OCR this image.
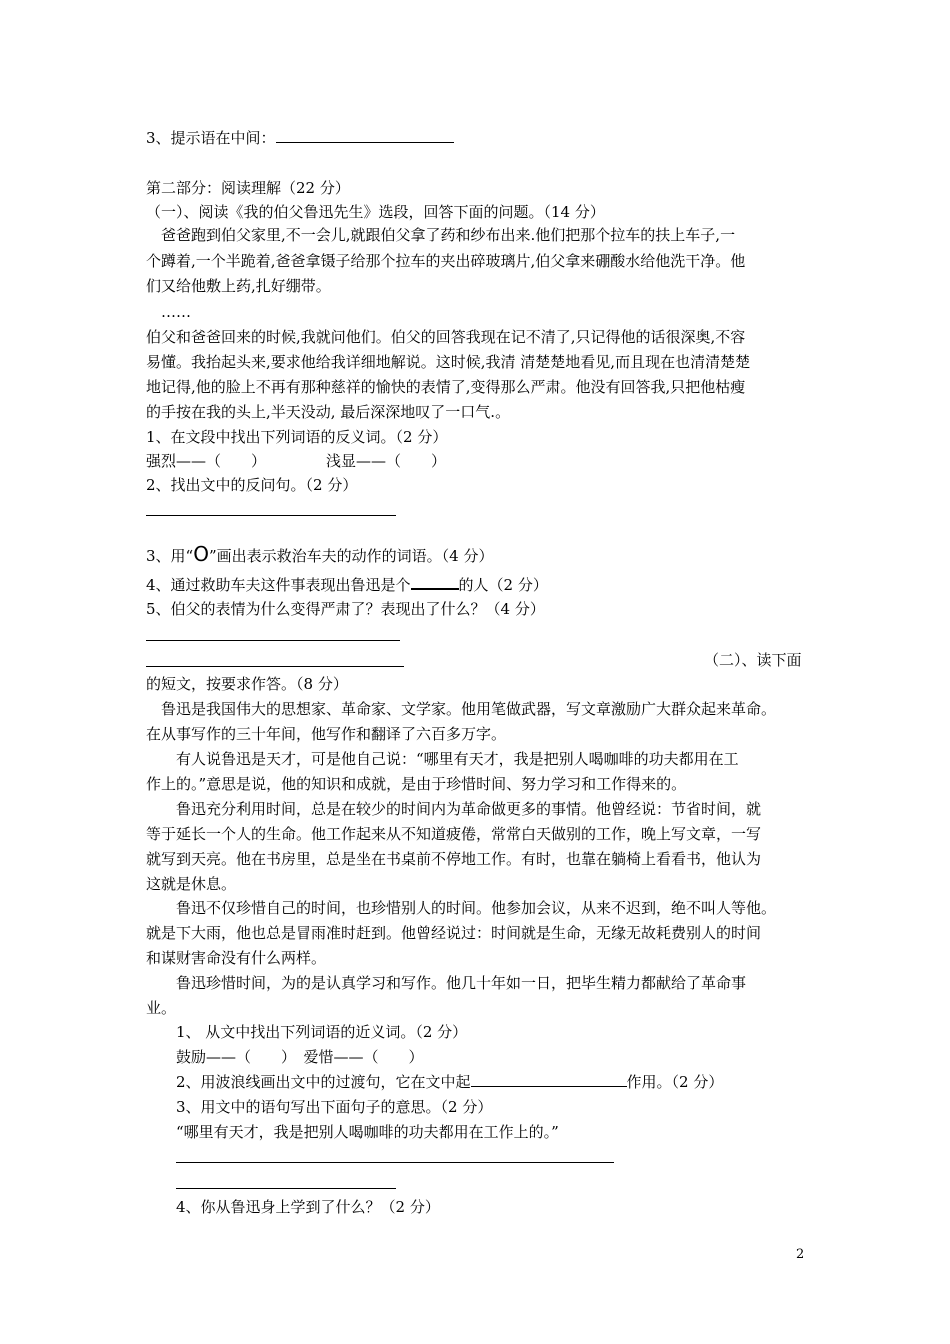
3、提示语在中间：
第二部分：阅读理解（22 分）
（一）、阅读《我的伯父鲁迅先生》选段，回答下面的问题。（14 分）
　爸爸跑到伯父家里,不一会儿,就跟伯父拿了药和纱布出来.他们把那个拉车的扶上车子,一
个蹲着,一个半跪着,爸爸拿镊子给那个拉车的夹出碎玻璃片,伯父拿来硼酸水给他洗干净。他
们又给他敷上药,扎好绷带。
　……
伯父和爸爸回来的时候,我就问他们。伯父的回答我现在记不清了,只记得他的话很深奥,不容
易懂。我抬起头来,要求他给我详细地解说。这时候,我清 清楚楚地看见,而且现在也清清楚楚
地记得,他的脸上不再有那种慈祥的愉快的表情了,变得那么严肃。他没有回答我,只把他枯瘦
的手按在我的头上,半天没动, 最后深深地叹了一口气.。
1、在文段中找出下列词语的反义词。（2 分）
强烈——（　　）	浅显——（　　）
2、找出文中的反问句。（2 分）
3、用“O”画出表示救治车夫的动作的词语。（4 分）
4、通过救助车夫这件事表现出鲁迅是个	的人（2 分）
5、伯父的表情为什么变得严肃了？表现出了什么？（4 分）
（二）、读下面
的短文，按要求作答。（8 分）
　鲁迅是我国伟大的思想家、革命家、文学家。他用笔做武器，写文章激励广大群众起来革命。
在从事写作的三十年间，他写作和翻译了六百多万字。
　　有人说鲁迅是天才，可是他自己说：“哪里有天才，我是把别人喝咖啡的功夫都用在工
作上的。”意思是说，他的知识和成就，是由于珍惜时间、努力学习和工作得来的。
　　鲁迅充分利用时间，总是在较少的时间内为革命做更多的事情。他曾经说：节省时间，就
等于延长一个人的生命。他工作起来从不知道疲倦，常常白天做别的工作，晚上写文章，一写
就写到天亮。他在书房里，总是坐在书桌前不停地工作。有时，也靠在躺椅上看看书，他认为
这就是休息。
　　鲁迅不仅珍惜自己的时间，也珍惜别人的时间。他参加会议，从来不迟到，绝不叫人等他。
就是下大雨，他也总是冒雨准时赶到。他曾经说过：时间就是生命，无缘无故耗费别人的时间
和谋财害命没有什么两样。
　　鲁迅珍惜时间，为的是认真学习和写作。他几十年如一日，把毕生精力都献给了革命事
业。
　　1、 从文中找出下列词语的近义词。（2 分）
　　鼓励——（　　）　爱惜——（　　）
　　2、用波浪线画出文中的过渡句，它在文中起	作用。（2 分）
　　3、用文中的语句写出下面句子的意思。（2 分）
　　“哪里有天才，我是把别人喝咖啡的功夫都用在工作上的。”
　　4、你从鲁迅身上学到了什么？（2 分）
2
